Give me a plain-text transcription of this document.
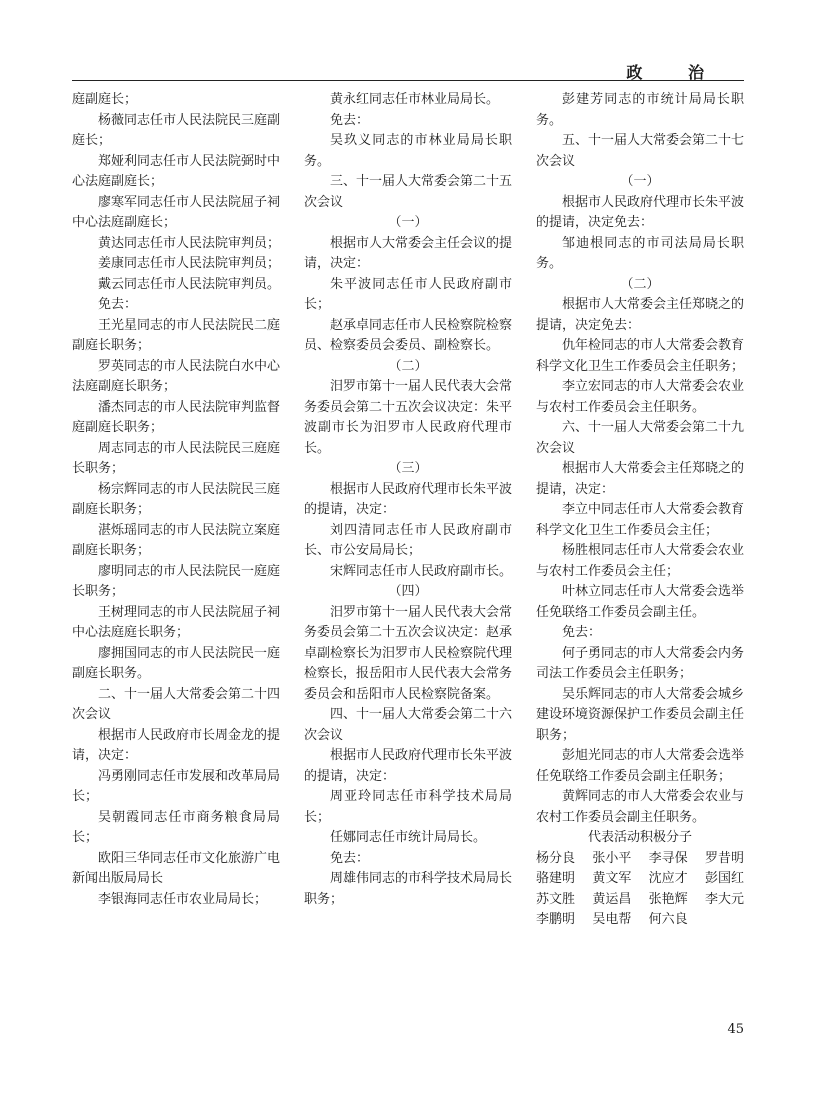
政 治

庭副庭长；

杨薇同志任市人民法院民三庭副庭长；

郑娅利同志任市人民法院弼时中心法庭副庭长；

廖寒军同志任市人民法院屈子祠中心法庭副庭长；

黄达同志任市人民法院审判员；

姜康同志任市人民法院审判员；

戴云同志任市人民法院审判员。

免去：

王光星同志的市人民法院民二庭副庭长职务；

罗英同志的市人民法院白水中心法庭副庭长职务；

潘杰同志的市人民法院审判监督庭副庭长职务；

周志同志的市人民法院民三庭庭长职务；

杨宗辉同志的市人民法院民三庭副庭长职务；

湛烁瑶同志的市人民法院立案庭副庭长职务；

廖明同志的市人民法院民一庭庭长职务；

王树理同志的市人民法院屈子祠中心法庭庭长职务；

廖拥国同志的市人民法院民一庭副庭长职务。

二、十一届人大常委会第二十四次会议

根据市人民政府市长周金龙的提请，决定：

冯勇刚同志任市发展和改革局局长；

吴朝霞同志任市商务粮食局局长；

欧阳三华同志任市文化旅游广电新闻出版局局长

李银海同志任市农业局局长；

黄永红同志任市林业局局长。

免去：

吴玖义同志的市林业局局长职务。

三、十一届人大常委会第二十五次会议

（一）

根据市人大常委会主任会议的提请，决定：

朱平波同志任市人民政府副市长；

赵承卓同志任市人民检察院检察员、检察委员会委员、副检察长。

（二）

汨罗市第十一届人民代表大会常务委员会第二十五次会议决定：朱平波副市长为汨罗市人民政府代理市长。

（三）

根据市人民政府代理市长朱平波的提请，决定：

刘四清同志任市人民政府副市长、市公安局局长；

宋辉同志任市人民政府副市长。

（四）

汨罗市第十一届人民代表大会常务委员会第二十五次会议决定：赵承卓副检察长为汨罗市人民检察院代理检察长，报岳阳市人民代表大会常务委员会和岳阳市人民检察院备案。

四、十一届人大常委会第二十六次会议

根据市人民政府代理市长朱平波的提请，决定：

周亚玲同志任市科学技术局局长；

任娜同志任市统计局局长。

免去：

周雄伟同志的市科学技术局局长职务；

彭建芳同志的市统计局局长职务。

五、十一届人大常委会第二十七次会议

（一）

根据市人民政府代理市长朱平波的提请，决定免去：

邹迪根同志的市司法局局长职务。

（二）

根据市人大常委会主任郑晓之的提请，决定免去：

仇年检同志的市人大常委会教育科学文化卫生工作委员会主任职务；

李立宏同志的市人大常委会农业与农村工作委员会主任职务。

六、十一届人大常委会第二十九次会议

根据市人大常委会主任郑晓之的提请，决定：

李立中同志任市人大常委会教育科学文化卫生工作委员会主任；

杨胜根同志任市人大常委会农业与农村工作委员会主任；

叶林立同志任市人大常委会选举任免联络工作委员会副主任。

免去：

何子勇同志的市人大常委会内务司法工作委员会主任职务；

吴乐辉同志的市人大常委会城乡建设环境资源保护工作委员会副主任职务；

彭旭光同志的市人大常委会选举任免联络工作委员会副主任职务；

黄辉同志的市人大常委会农业与农村工作委员会副主任职务。

代表活动积极分子

杨分良 张小平 李寻保 罗昔明
骆建明 黄文军 沈应才 彭国红
苏文胜 黄运昌 张艳辉 李大元
李鹏明 吴电帮 何六良
45
